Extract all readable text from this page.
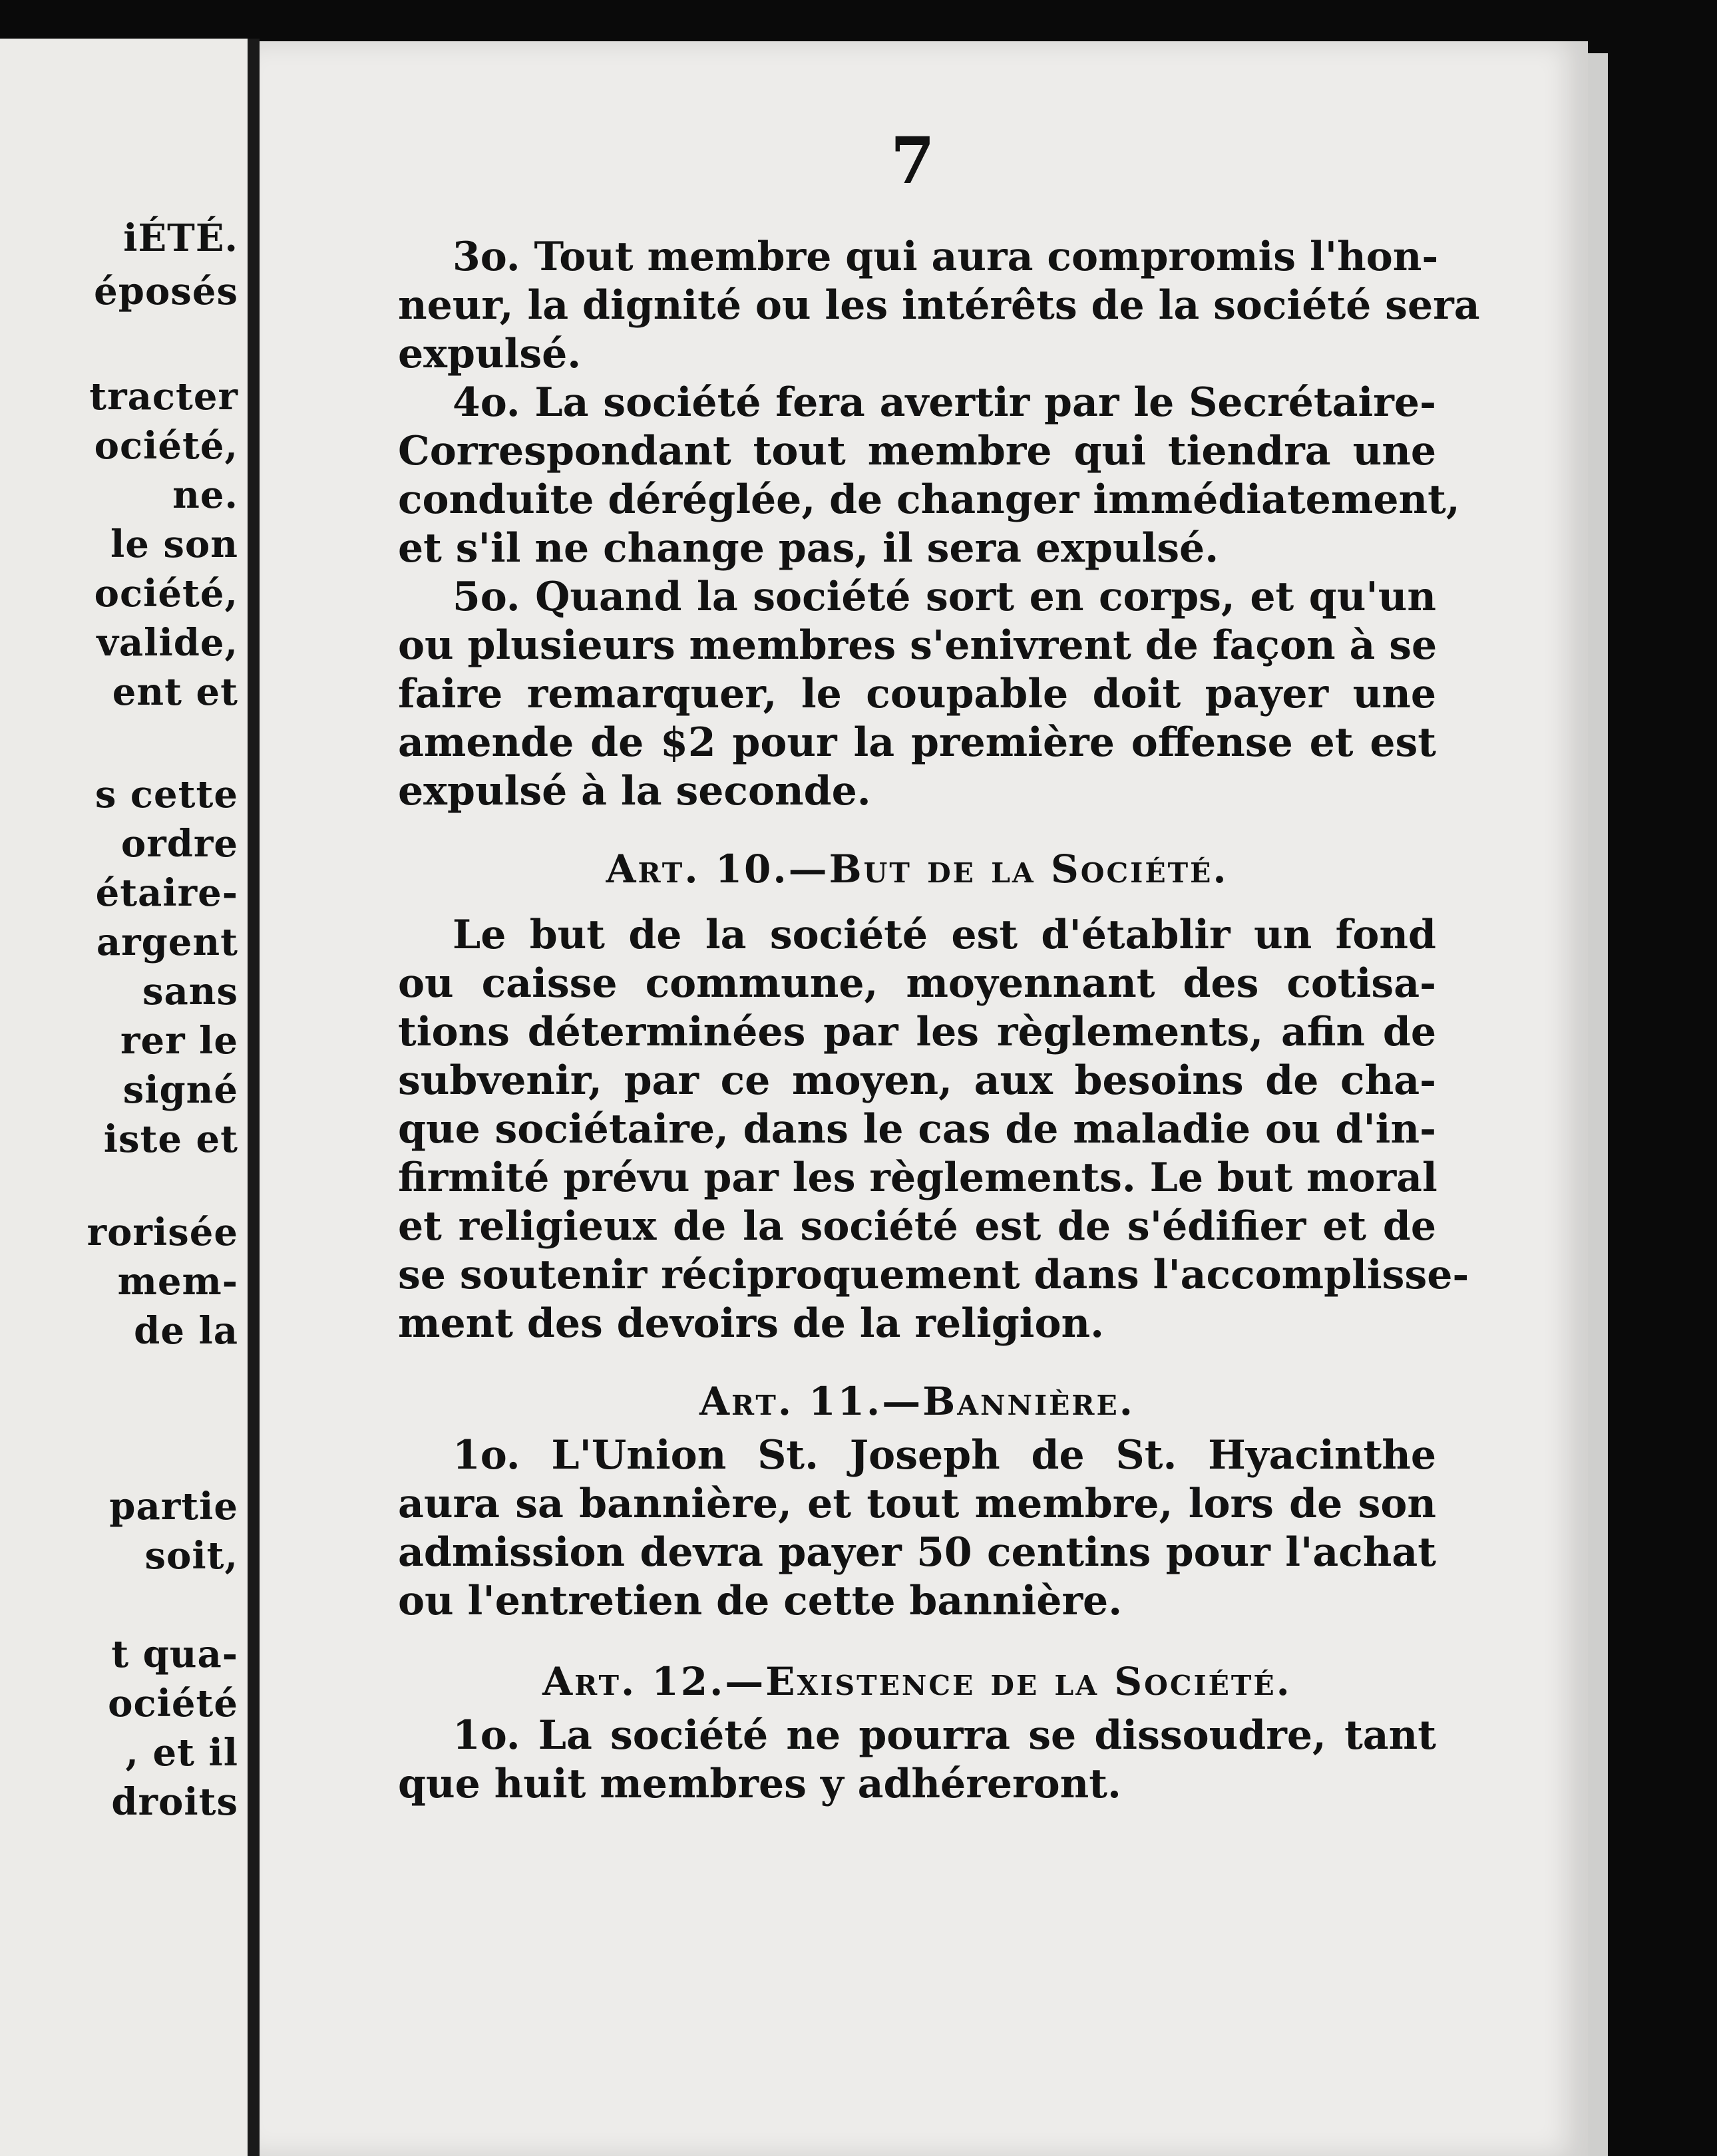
iÉTÉ.
éposés
tracter
ociété,
ne.
le son
ociété,
valide,
ent et
s cette
ordre
étaire-
argent
sans
rer le
signé
iste et
rorisée
mem-
de la
partie
soit,
t qua-
ociété
, et il
droits
7
3o. Tout membre qui aura compromis l'hon-
neur, la dignité ou les intérêts de la société sera
expulsé.
4o. La société fera avertir par le Secrétaire-
Correspondant tout membre qui tiendra une
conduite déréglée, de changer immédiatement,
et s'il ne change pas, il sera expulsé.
5o. Quand la société sort en corps, et qu'un
ou plusieurs membres s'enivrent de façon à se
faire remarquer, le coupable doit payer une
amende de $2 pour la première offense et est
expulsé à la seconde.
Art. 10.—But de la Société.
Le but de la société est d'établir un fond
ou caisse commune, moyennant des cotisa-
tions déterminées par les règlements, afin de
subvenir, par ce moyen, aux besoins de cha-
que sociétaire, dans le cas de maladie ou d'in-
firmité prévu par les règlements. Le but moral
et religieux de la société est de s'édifier et de
se soutenir réciproquement dans l'accomplisse-
ment des devoirs de la religion.
Art. 11.—Bannière.
1o. L'Union St. Joseph de St. Hyacinthe
aura sa bannière, et tout membre, lors de son
admission devra payer 50 centins pour l'achat
ou l'entretien de cette bannière.
Art. 12.—Existence de la Société.
1o. La société ne pourra se dissoudre, tant
que huit membres y adhéreront.
